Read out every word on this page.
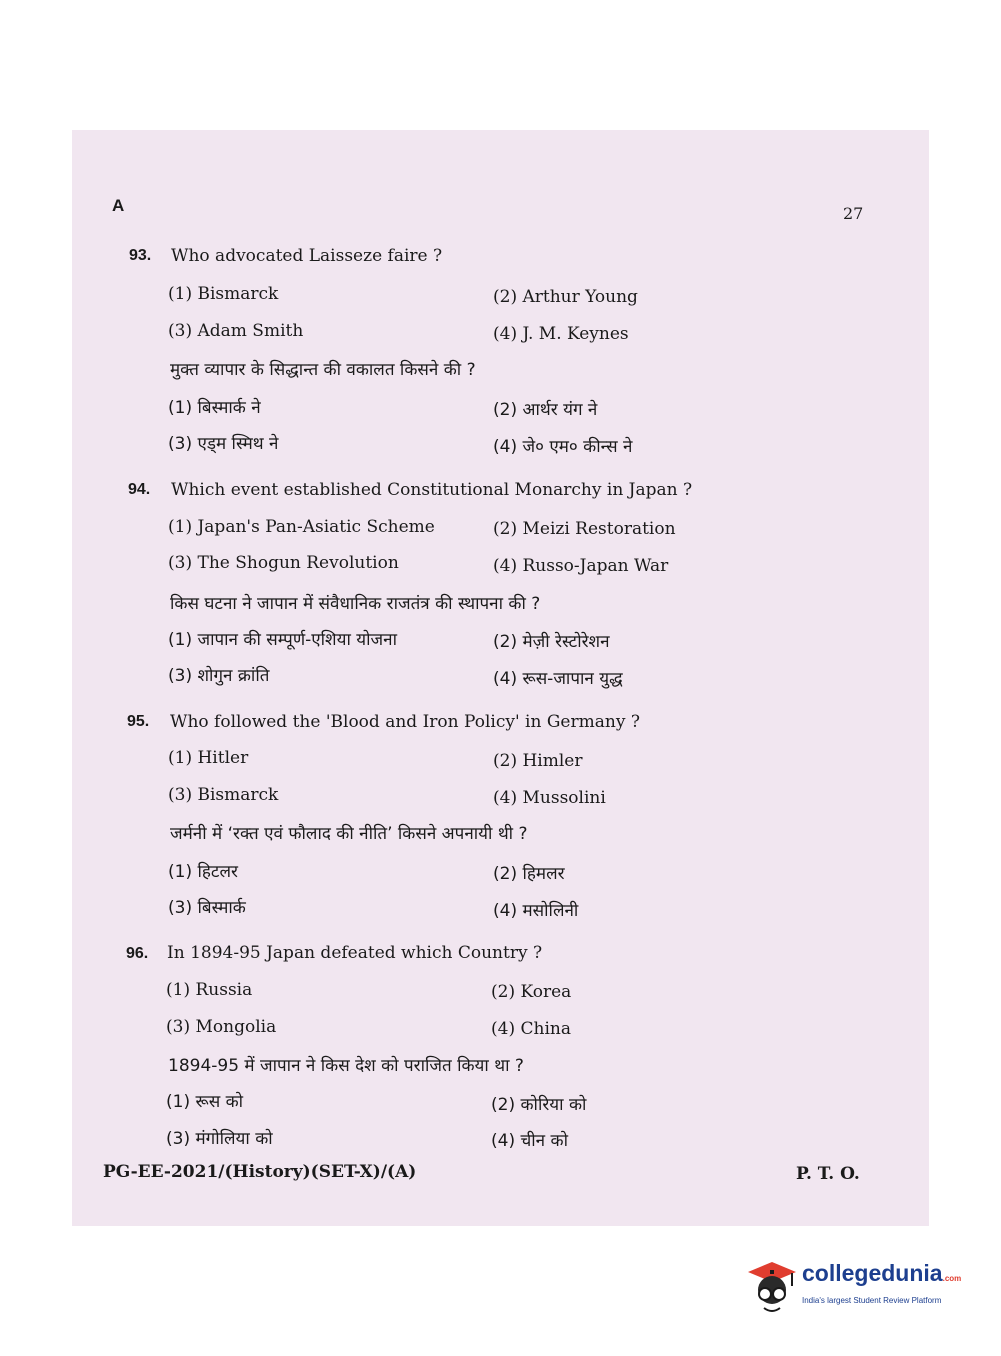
A	27
93. Who advocated Laisseze faire ?
(1) Bismarck	(2) Arthur Young
(3) Adam Smith	(4) J. M. Keynes
मुक्त व्यापार के सिद्धान्त की वकालत किसने की ?
(1) बिस्मार्क ने	(2) आर्थर यंग ने
(3) एड्म स्मिथ ने	(4) जे० एम० कीन्स ने
94. Which event established Constitutional Monarchy in Japan ?
(1) Japan's Pan-Asiatic Scheme	(2) Meizi Restoration
(3) The Shogun Revolution	(4) Russo-Japan War
किस घटना ने जापान में संवैधानिक राजतंत्र की स्थापना की ?
(1) जापान की सम्पूर्ण-एशिया योजना	(2) मेज़ी रेस्टोरेशन
(3) शोगुन क्रांति	(4) रूस-जापान युद्ध
95. Who followed the 'Blood and Iron Policy' in Germany ?
(1) Hitler	(2) Himler
(3) Bismarck	(4) Mussolini
जर्मनी में ‘रक्त एवं फौलाद की नीति’ किसने अपनायी थी ?
(1) हिटलर	(2) हिमलर
(3) बिस्मार्क	(4) मसोलिनी
96. In 1894-95 Japan defeated which Country ?
(1) Russia	(2) Korea
(3) Mongolia	(4) China
1894-95 में जापान ने किस देश को पराजित किया था ?
(1) रूस को	(2) कोरिया को
(3) मंगोलिया को	(4) चीन को
PG-EE-2021/(History)(SET-X)/(A)	P. T. O.
collegedunia.com
India's largest Student Review Platform
